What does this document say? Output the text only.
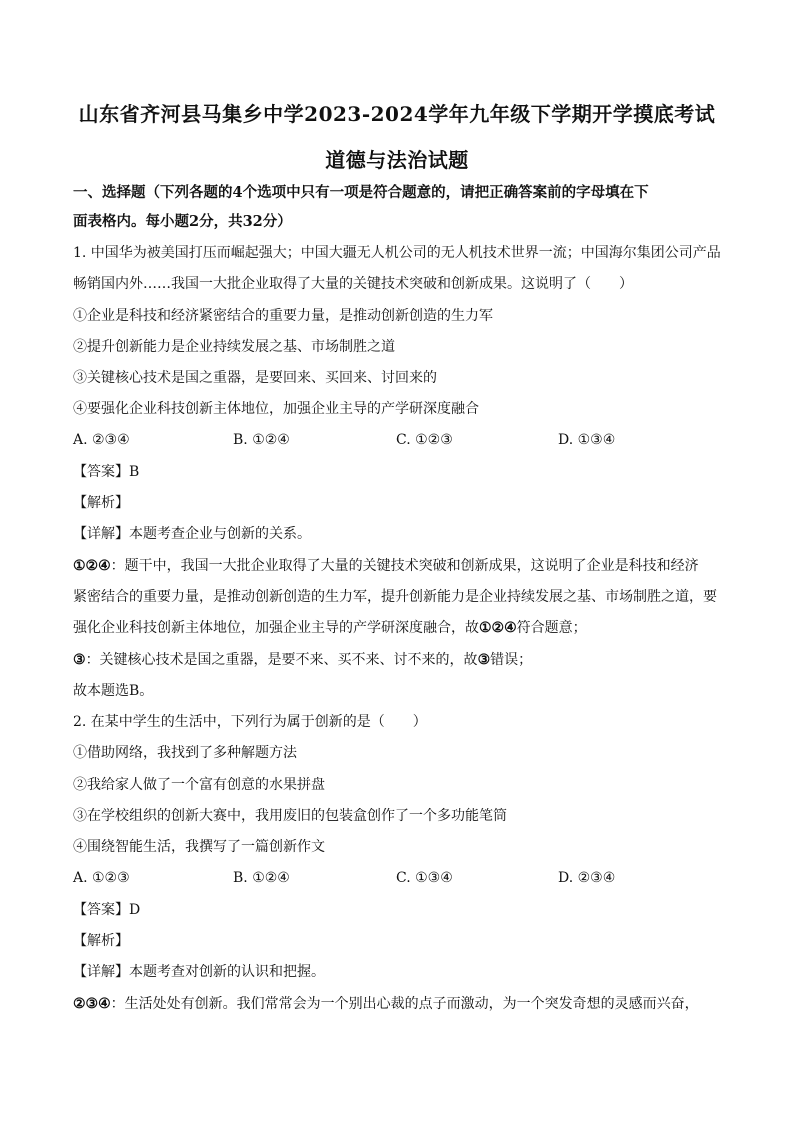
山东省齐河县马集乡中学2023-2024学年九年级下学期开学摸底考试
道德与法治试题
一、选择题（下列各题的4个选项中只有一项是符合题意的，请把正确答案前的字母填在下
面表格内。每小题2分，共32分）
1. 中国华为被美国打压而崛起强大；中国大疆无人机公司的无人机技术世界一流；中国海尔集团公司产品
畅销国内外……我国一大批企业取得了大量的关键技术突破和创新成果。这说明了（　　）
①企业是科技和经济紧密结合的重要力量，是推动创新创造的生力军
②提升创新能力是企业持续发展之基、市场制胜之道
③关键核心技术是国之重器，是要回来、买回来、讨回来的
④要强化企业科技创新主体地位，加强企业主导的产学研深度融合
A. ②③④	B. ①②④	C. ①②③	D. ①③④
【答案】B
【解析】
【详解】本题考查企业与创新的关系。
①②④：题干中，我国一大批企业取得了大量的关键技术突破和创新成果，这说明了企业是科技和经济
紧密结合的重要力量，是推动创新创造的生力军，提升创新能力是企业持续发展之基、市场制胜之道，要
强化企业科技创新主体地位，加强企业主导的产学研深度融合，故①②④符合题意；
③：关键核心技术是国之重器，是要不来、买不来、讨不来的，故③错误；
故本题选B。
2. 在某中学生的生活中，下列行为属于创新的是（　　）
①借助网络，我找到了多种解题方法
②我给家人做了一个富有创意的水果拼盘
③在学校组织的创新大赛中，我用废旧的包装盒创作了一个多功能笔筒
④围绕智能生活，我撰写了一篇创新作文
A. ①②③	B. ①②④	C. ①③④	D. ②③④
【答案】D
【解析】
【详解】本题考查对创新的认识和把握。
②③④：生活处处有创新。我们常常会为一个别出心裁的点子而激动，为一个突发奇想的灵感而兴奋，
